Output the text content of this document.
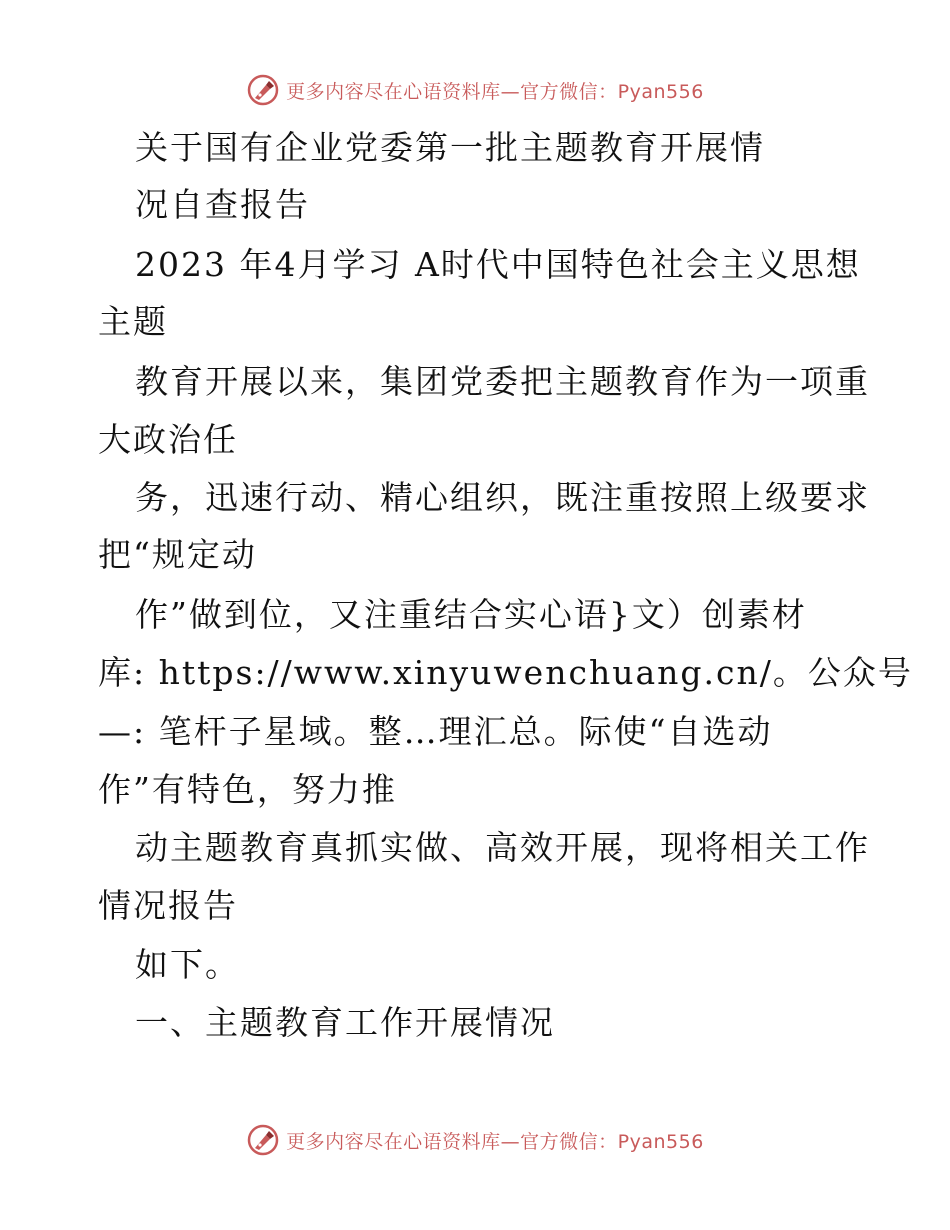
更多内容尽在心语资料库—官方微信：Pyan556
关于国有企业党委第一批主题教育开展情
况自查报告
2023 年4月学习 A时代中国特色社会主义思想
主题
教育开展以来，集团党委把主题教育作为一项重
大政治任
务，迅速行动、精心组织，既注重按照上级要求
把“规定动
作”做到位，又注重结合实心语}文）创素材
库: https://www.xinyuwenchuang.cn/。公众号
—: 笔杆子星域。整…理汇总。际使“自选动
作”有特色，努力推
动主题教育真抓实做、高效开展，现将相关工作
情况报告
如下。
一、主题教育工作开展情况
更多内容尽在心语资料库—官方微信：Pyan556
